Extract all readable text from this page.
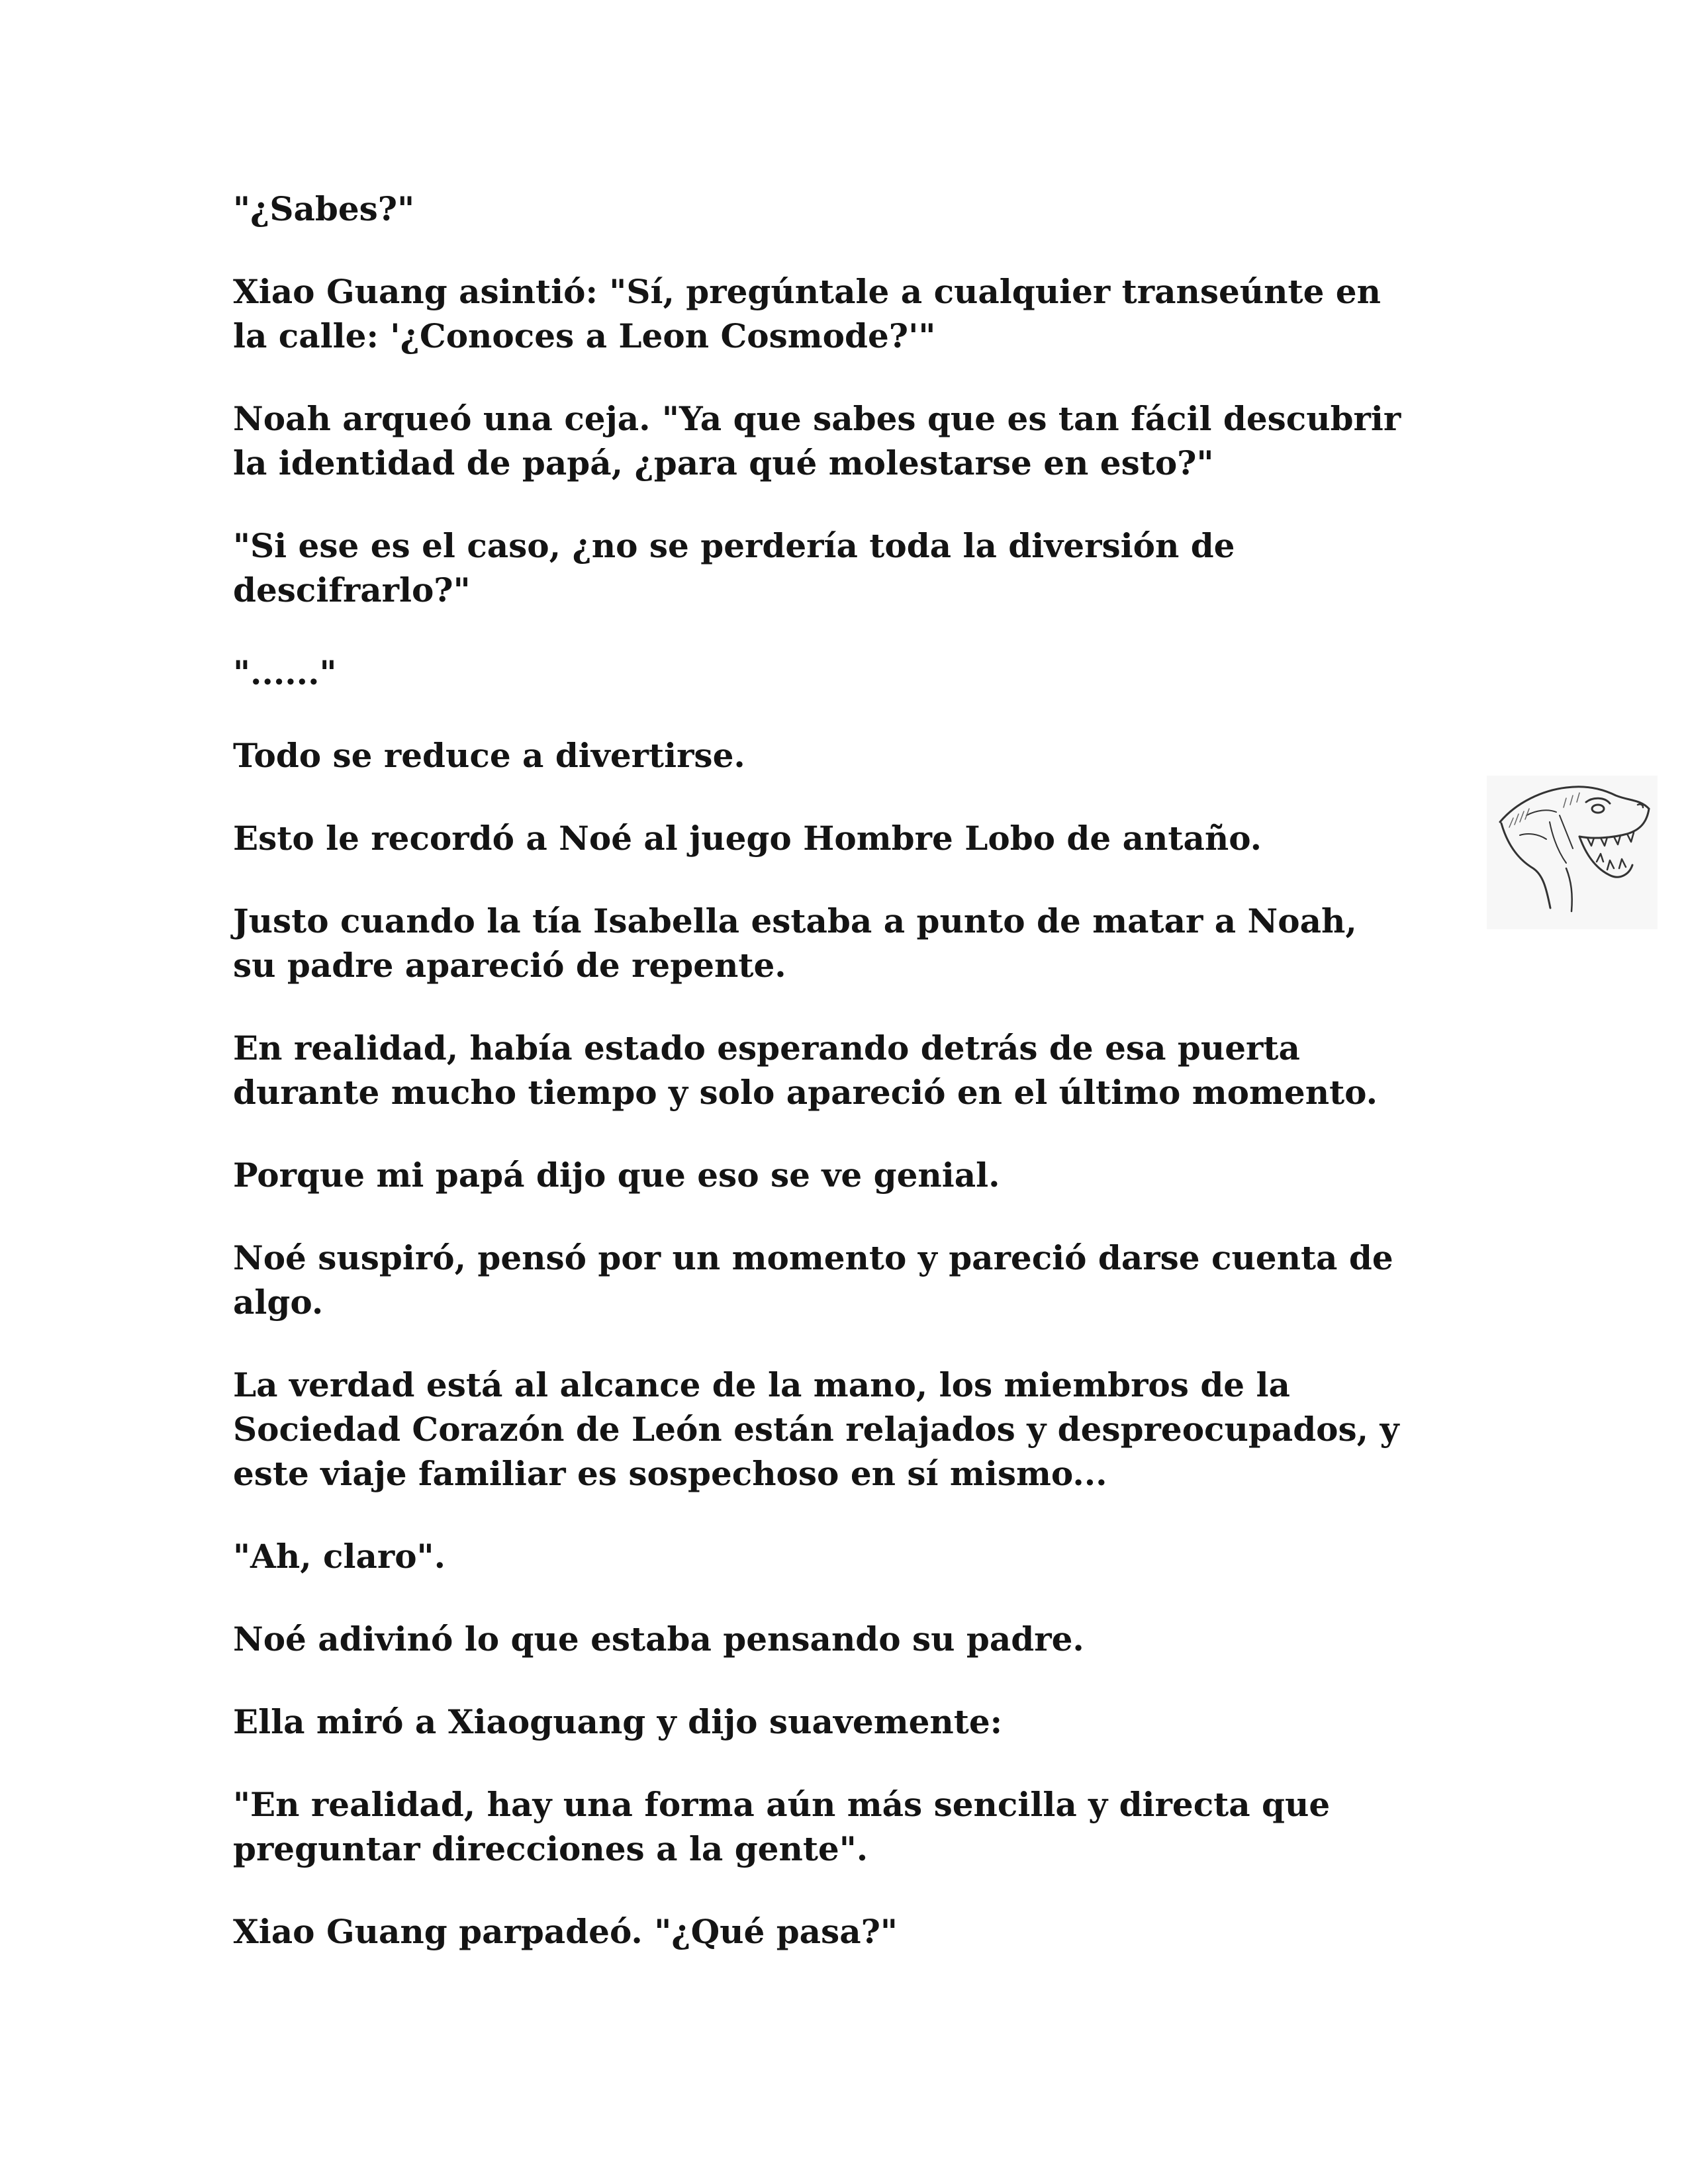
"¿Sabes?"

Xiao Guang asintió: "Sí, pregúntale a cualquier transeúnte en
la calle: '¿Conoces a Leon Cosmode?'"

Noah arqueó una ceja. "Ya que sabes que es tan fácil descubrir
la identidad de papá, ¿para qué molestarse en esto?"

"Si ese es el caso, ¿no se perdería toda la diversión de
descifrarlo?"

"......"

Todo se reduce a divertirse.

Esto le recordó a Noé al juego Hombre Lobo de antaño.

Justo cuando la tía Isabella estaba a punto de matar a Noah,
su padre apareció de repente.

En realidad, había estado esperando detrás de esa puerta
durante mucho tiempo y solo apareció en el último momento.

Porque mi papá dijo que eso se ve genial.

Noé suspiró, pensó por un momento y pareció darse cuenta de
algo.

La verdad está al alcance de la mano, los miembros de la
Sociedad Corazón de León están relajados y despreocupados, y
este viaje familiar es sospechoso en sí mismo...

"Ah, claro".

Noé adivinó lo que estaba pensando su padre.

Ella miró a Xiaoguang y dijo suavemente:

"En realidad, hay una forma aún más sencilla y directa que
preguntar direcciones a la gente".

Xiao Guang parpadeó. "¿Qué pasa?"
